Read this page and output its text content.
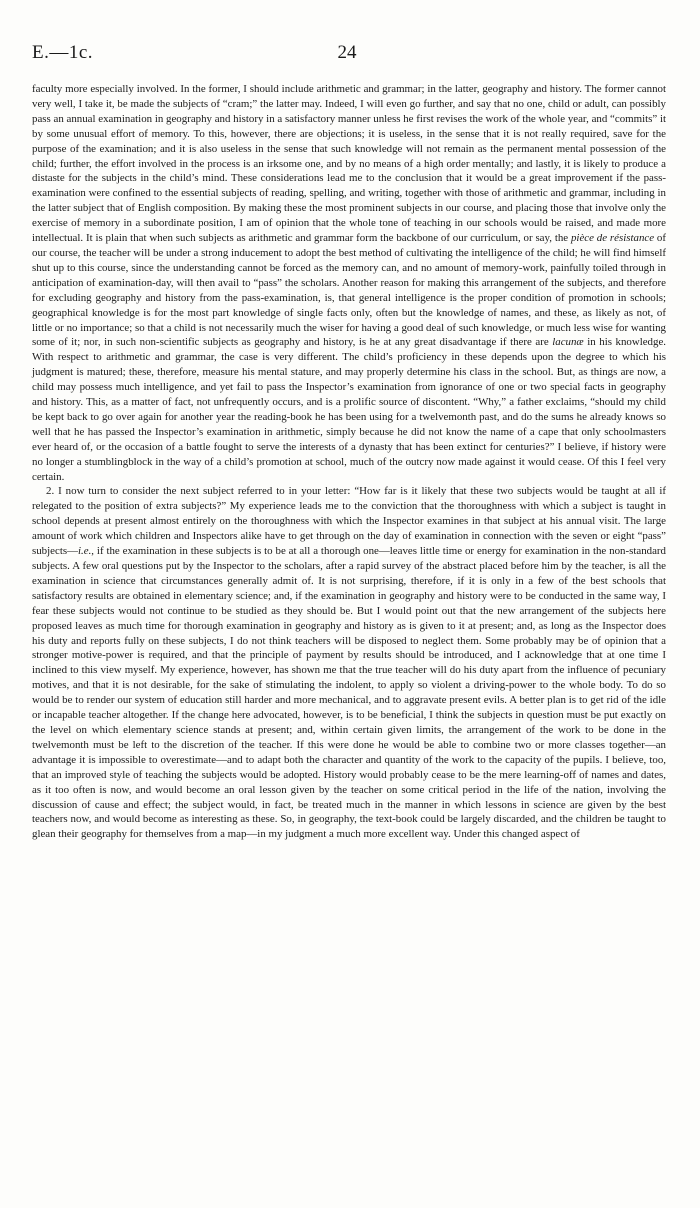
E.—1c.	24

faculty more especially involved. In the former, I should include arithmetic and grammar; in the latter, geography and history. The former cannot very well, I take it, be made the subjects of “cram;” the latter may. Indeed, I will even go further, and say that no one, child or adult, can possibly pass an annual examination in geography and history in a satisfactory manner unless he first revises the work of the whole year, and “commits” it by some unusual effort of memory. To this, however, there are objections; it is useless, in the sense that it is not really required, save for the purpose of the examination; and it is also useless in the sense that such knowledge will not remain as the permanent mental possession of the child; further, the effort involved in the process is an irksome one, and by no means of a high order mentally; and lastly, it is likely to produce a distaste for the subjects in the child’s mind. These considerations lead me to the conclusion that it would be a great improvement if the pass-examination were confined to the essential subjects of reading, spelling, and writing, together with those of arithmetic and grammar, including in the latter subject that of English composition. By making these the most prominent subjects in our course, and placing those that involve only the exercise of memory in a subordinate position, I am of opinion that the whole tone of teaching in our schools would be raised, and made more intellectual. It is plain that when such subjects as arithmetic and grammar form the backbone of our curriculum, or say, the pièce de résistance of our course, the teacher will be under a strong inducement to adopt the best method of cultivating the intelligence of the child; he will find himself shut up to this course, since the understanding cannot be forced as the memory can, and no amount of memory-work, painfully toiled through in anticipation of examination-day, will then avail to “pass” the scholars. Another reason for making this arrangement of the subjects, and therefore for excluding geography and history from the pass-examination, is, that general intelligence is the proper condition of promotion in schools; geographical knowledge is for the most part knowledge of single facts only, often but the knowledge of names, and these, as likely as not, of little or no importance; so that a child is not necessarily much the wiser for having a good deal of such knowledge, or much less wise for wanting some of it; nor, in such non-scientific subjects as geography and history, is he at any great disadvantage if there are lacunæ in his knowledge. With respect to arithmetic and grammar, the case is very different. The child’s proficiency in these depends upon the degree to which his judgment is matured; these, therefore, measure his mental stature, and may properly determine his class in the school. But, as things are now, a child may possess much intelligence, and yet fail to pass the Inspector’s examination from ignorance of one or two special facts in geography and history. This, as a matter of fact, not unfrequently occurs, and is a prolific source of discontent. “Why,” a father exclaims, “should my child be kept back to go over again for another year the reading-book he has been using for a twelvemonth past, and do the sums he already knows so well that he has passed the Inspector’s examination in arithmetic, simply because he did not know the name of a cape that only schoolmasters ever heard of, or the occasion of a battle fought to serve the interests of a dynasty that has been extinct for centuries?” I believe, if history were no longer a stumblingblock in the way of a child’s promotion at school, much of the outcry now made against it would cease. Of this I feel very certain.

2. I now turn to consider the next subject referred to in your letter: “How far is it likely that these two subjects would be taught at all if relegated to the position of extra subjects?” My experience leads me to the conviction that the thoroughness with which a subject is taught in school depends at present almost entirely on the thoroughness with which the Inspector examines in that subject at his annual visit. The large amount of work which children and Inspectors alike have to get through on the day of examination in connection with the seven or eight “pass” subjects—i.e., if the examination in these subjects is to be at all a thorough one—leaves little time or energy for examination in the non-standard subjects. A few oral questions put by the Inspector to the scholars, after a rapid survey of the abstract placed before him by the teacher, is all the examination in science that circumstances generally admit of. It is not surprising, therefore, if it is only in a few of the best schools that satisfactory results are obtained in elementary science; and, if the examination in geography and history were to be conducted in the same way, I fear these subjects would not continue to be studied as they should be. But I would point out that the new arrangement of the subjects here proposed leaves as much time for thorough examination in geography and history as is given to it at present; and, as long as the Inspector does his duty and reports fully on these subjects, I do not think teachers will be disposed to neglect them. Some probably may be of opinion that a stronger motive-power is required, and that the principle of payment by results should be introduced, and I acknowledge that at one time I inclined to this view myself. My experience, however, has shown me that the true teacher will do his duty apart from the influence of pecuniary motives, and that it is not desirable, for the sake of stimulating the indolent, to apply so violent a driving-power to the whole body. To do so would be to render our system of education still harder and more mechanical, and to aggravate present evils. A better plan is to get rid of the idle or incapable teacher altogether. If the change here advocated, however, is to be beneficial, I think the subjects in question must be put exactly on the level on which elementary science stands at present; and, within certain given limits, the arrangement of the work to be done in the twelvemonth must be left to the discretion of the teacher. If this were done he would be able to combine two or more classes together—an advantage it is impossible to overestimate—and to adapt both the character and quantity of the work to the capacity of the pupils. I believe, too, that an improved style of teaching the subjects would be adopted. History would probably cease to be the mere learning-off of names and dates, as it too often is now, and would become an oral lesson given by the teacher on some critical period in the life of the nation, involving the discussion of cause and effect; the subject would, in fact, be treated much in the manner in which lessons in science are given by the best teachers now, and would become as interesting as these. So, in geography, the text-book could be largely discarded, and the children be taught to glean their geography for themselves from a map—in my judgment a much more excellent way. Under this changed aspect of
